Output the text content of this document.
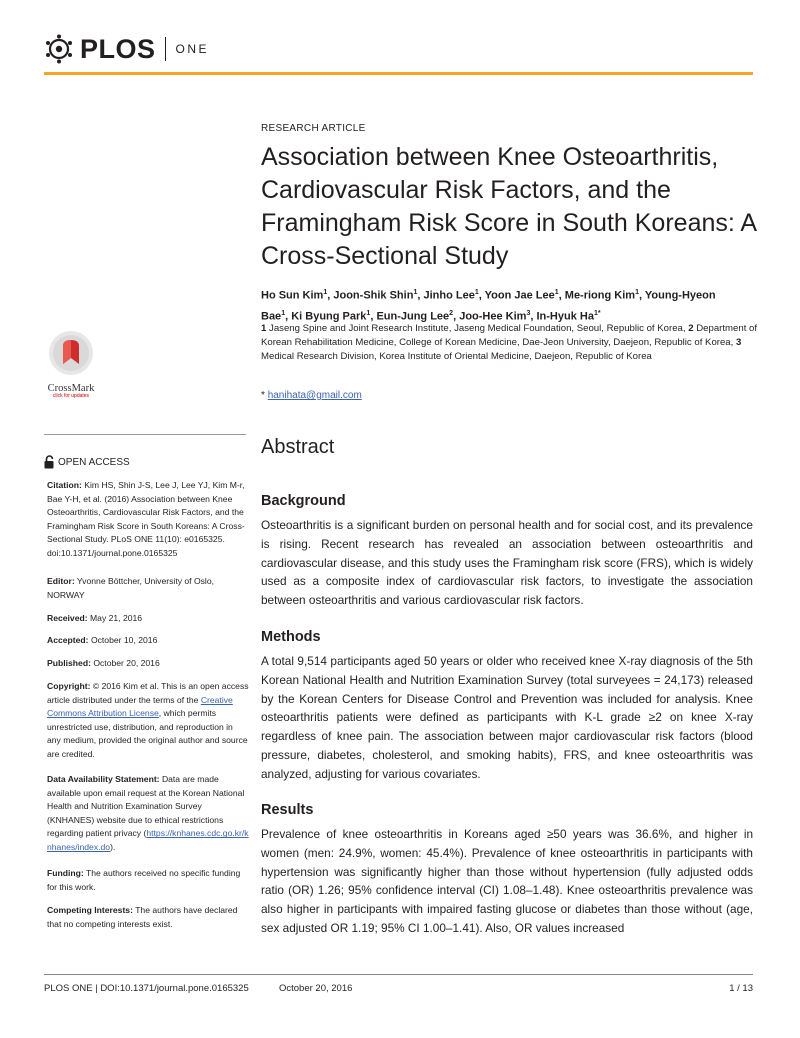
PLOS ONE
CrossMark
click for updates
OPEN ACCESS
Citation: Kim HS, Shin J-S, Lee J, Lee YJ, Kim M-r, Bae Y-H, et al. (2016) Association between Knee Osteoarthritis, Cardiovascular Risk Factors, and the Framingham Risk Score in South Koreans: A Cross-Sectional Study. PLoS ONE 11(10): e0165325. doi:10.1371/journal.pone.0165325
Editor: Yvonne Böttcher, University of Oslo, NORWAY
Received: May 21, 2016
Accepted: October 10, 2016
Published: October 20, 2016
Copyright: © 2016 Kim et al. This is an open access article distributed under the terms of the Creative Commons Attribution License, which permits unrestricted use, distribution, and reproduction in any medium, provided the original author and source are credited.
Data Availability Statement: Data are made available upon email request at the Korean National Health and Nutrition Examination Survey (KNHANES) website due to ethical restrictions regarding patient privacy (https://knhanes.cdc.go.kr/knhanes/index.do).
Funding: The authors received no specific funding for this work.
Competing Interests: The authors have declared that no competing interests exist.
RESEARCH ARTICLE
Association between Knee Osteoarthritis, Cardiovascular Risk Factors, and the Framingham Risk Score in South Koreans: A Cross-Sectional Study
Ho Sun Kim$^1$, Joon-Shik Shin$^1$, Jinho Lee$^1$, Yoon Jae Lee$^1$, Me-riong Kim$^1$, Young-Hyeon Bae$^1$, Ki Byung Park$^1$, Eun-Jung Lee$^2$, Joo-Hee Kim$^3$, In-Hyuk $Ha^{1*}$
1 Jaseng Spine and Joint Research Institute, Jaseng Medical Foundation, Seoul, Republic of Korea, 2 Department of Korean Rehabilitation Medicine, College of Korean Medicine, Dae-Jeon University, Daejeon, Republic of Korea, 3 Medical Research Division, Korea Institute of Oriental Medicine, Daejeon, Republic of Korea
* hanihata@gmail.com
Abstract
Background

Osteoarthritis is a significant burden on personal health and for social cost, and its prevalence is rising. Recent research has revealed an association between osteoarthritis and cardiovascular disease, and this study uses the Framingham risk score (FRS), which is widely used as a composite index of cardiovascular risk factors, to investigate the association between osteoarthritis and various cardiovascular risk factors.

Methods

A total 9,514 participants aged 50 years or older who received knee X-ray diagnosis of the 5th Korean National Health and Nutrition Examination Survey (total surveyees = 24,173) released by the Korean Centers for Disease Control and Prevention was included for analysis. Knee osteoarthritis patients were defined as participants with K-L grade ≥2 on knee X-ray regardless of knee pain. The association between major cardiovascular risk factors (blood pressure, diabetes, cholesterol, and smoking habits), FRS, and knee osteoarthritis was analyzed, adjusting for various covariates.

Results

Prevalence of knee osteoarthritis in Koreans aged ≥50 years was 36.6%, and higher in women (men: 24.9%, women: 45.4%). Prevalence of knee osteoarthritis in participants with hypertension was significantly higher than those without hypertension (fully adjusted odds ratio (OR) 1.26; 95% confidence interval (CI) 1.08–1.48). Knee osteoarthritis prevalence was also higher in participants with impaired fasting glucose or diabetes than those without (age, sex adjusted OR 1.19; 95% CI 1.00–1.41). Also, OR values increased

PLOS ONE | DOI:10.1371/journal.pone.0165325	October 20, 2016	1 / 13
